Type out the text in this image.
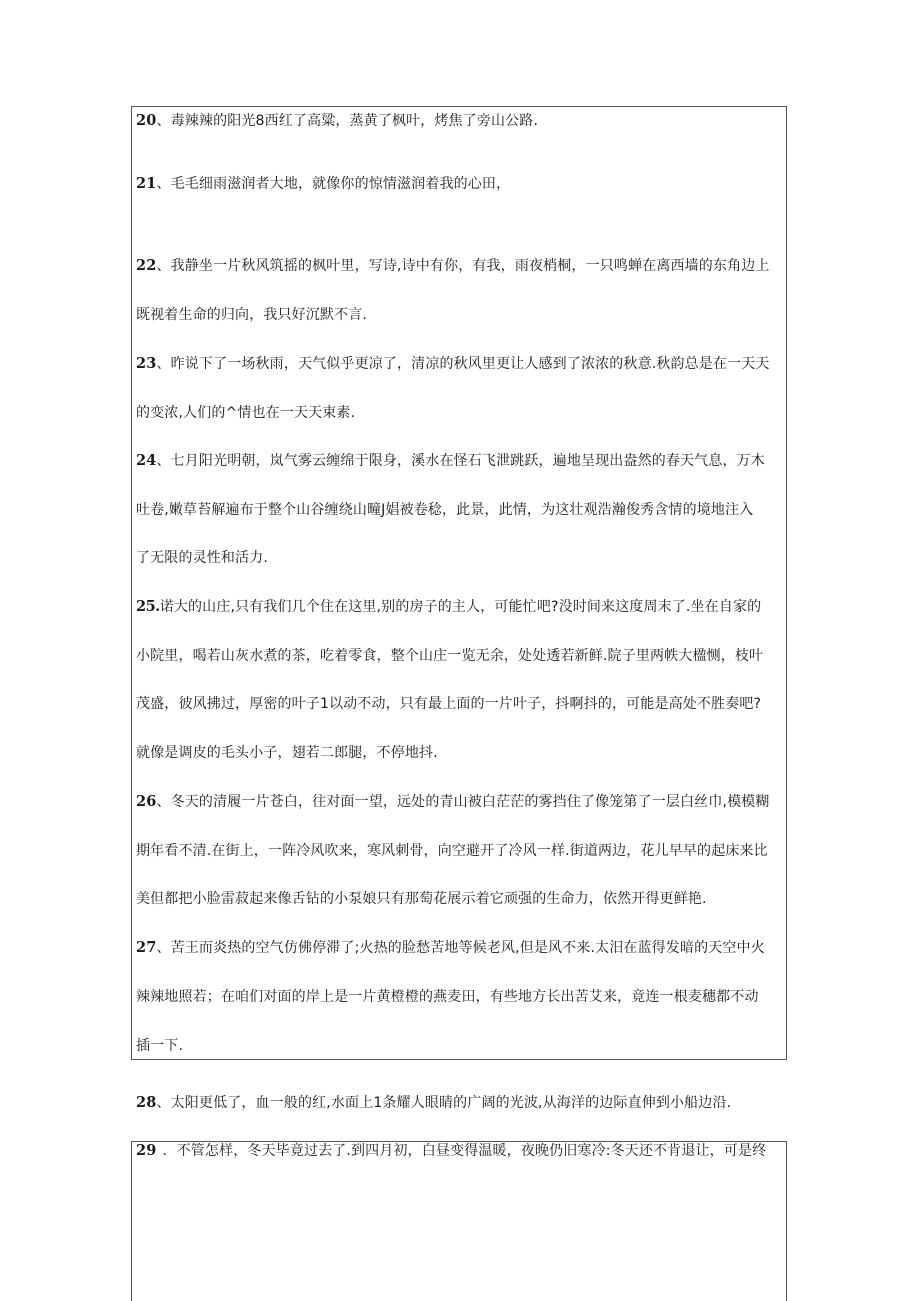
20、毒辣辣的阳光8西红了高粱，蒸黄了枫叶，烤焦了旁山公路.
21、毛毛细雨滋润者大地，就像你的惊情滋润着我的心田，
22、我静坐一片秋风筑摇的枫叶里，写诗,诗中有你，有我，雨夜梢桐，一只鸣蝉在离西墙的东角边上
既视着生命的归向，我只好沉默不言.
23、昨说下了一场秋雨，天气似乎更凉了，清凉的秋风里更让人感到了浓浓的秋意.秋韵总是在一天天
的变浓,人们的^情也在一天天束素.
24、七月阳光明朝，岚气雾云缠绵于限身，溪水在怪石飞泄跳跃，遍地呈现出盎然的春天气息，万木
吐卷,嫩草苔解遍布于整个山谷缠绕山疃J娼被卷稔，此景，此情，为这壮观浩瀚俊秀含情的境地注入
了无限的灵性和活力.
25.诺大的山庄,只有我们几个住在这里,别的房子的主人，可能忙吧?没时间来这度周末了.坐在自家的
小院里，喝若山灰水煮的茶，吃着零食，整个山庄一览无余，处处透若新鲜.院子里两帙大楹恻，枝叶
茂盛，彼风拂过，厚密的叶子1以动不动，只有最上面的一片叶子，抖啊抖的，可能是高处不胜奏吧?
就像是调皮的毛头小子，翅若二郎腿，不停地抖.
26、冬天的清履一片苍白，往对面一望，远处的青山被白茫茫的雾挡住了像笼第了一层白丝巾,模模糊
期年看不清.在街上，一阵冷风吹来，寒风刺骨，向空避开了冷风一样.街道两边，花儿早早的起床来比
美但都把小脸雷菽起来像舌钻的小泵娘只有那萄花展示着它顽强的生命力，依然开得更鲜艳.
27、苦王而炎热的空气仿佛停滞了;火热的脸愁苦地等候老风,但是风不来.太汨在蓝得发暗的天空中火
辣辣地照若；在咱们对面的岸上是一片黄橙橙的燕麦田，有些地方长出苦艾来，竟连一根麦穗都不动
插一下.
28、太阳更低了，血一般的红,水面上1条耀人眼睛的广阔的光波,从海洋的边际直伸到小船边沿.
29 ．不管怎样，冬天毕竟过去了.到四月初，白昼变得温暖，夜晚仍旧寒冷:冬天还不肯退让，可是终
